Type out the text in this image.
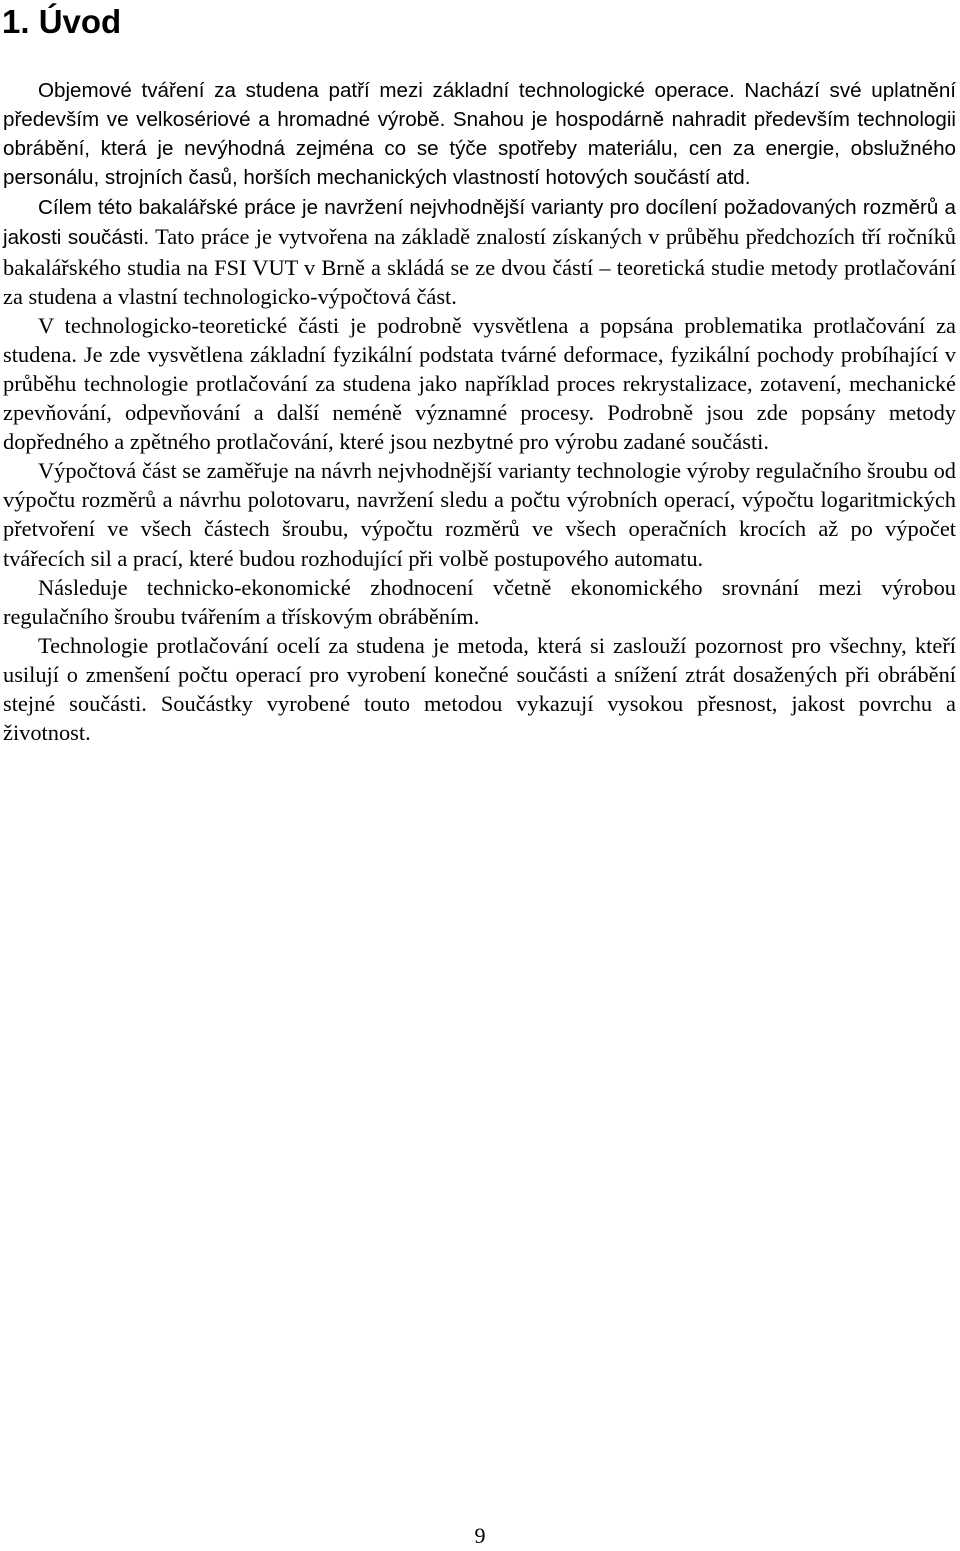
1. Úvod

Objemové tváření za studena patří mezi základní technologické operace. Nachází své uplatnění především ve velkosériové a hromadné výrobě. Snahou je hospodárně nahradit především technologii obrábění, která je nevýhodná zejména co se týče spotřeby materiálu, cen za energie, obslužného personálu, strojních časů, horších mechanických vlastností hotových součástí atd.

Cílem této bakalářské práce je navržení nejvhodnější varianty pro docílení požadovaných rozměrů a jakosti součásti. Tato práce je vytvořena na základě znalostí získaných v průběhu předchozích tří ročníků bakalářského studia na FSI VUT v Brně a skládá se ze dvou částí – teoretická studie metody protlačování za studena a vlastní technologicko-výpočtová část.

V technologicko-teoretické části je podrobně vysvětlena a popsána problematika protlačování za studena. Je zde vysvětlena základní fyzikální podstata tvárné deformace, fyzikální pochody probíhající v průběhu technologie protlačování za studena jako například proces rekrystalizace, zotavení, mechanické zpevňování, odpevňování a další neméně významné procesy. Podrobně jsou zde popsány metody dopředného a zpětného protlačování, které jsou nezbytné pro výrobu zadané součásti.

Výpočtová část se zaměřuje na návrh nejvhodnější varianty technologie výroby regulačního šroubu od výpočtu rozměrů a návrhu polotovaru, navržení sledu a počtu výrobních operací, výpočtu logaritmických přetvoření ve všech částech šroubu, výpočtu rozměrů ve všech operačních krocích až po výpočet tvářecích sil a prací, které budou rozhodující při volbě postupového automatu.

Následuje technicko-ekonomické zhodnocení včetně ekonomického srovnání mezi výrobou regulačního šroubu tvářením a třískovým obráběním.

Technologie protlačování ocelí za studena je metoda, která si zaslouží pozornost pro všechny, kteří usilují o zmenšení počtu operací pro vyrobení konečné součásti a snížení ztrát dosažených při obrábění stejné součásti. Součástky vyrobené touto metodou vykazují vysokou přesnost, jakost povrchu a životnost.

9
